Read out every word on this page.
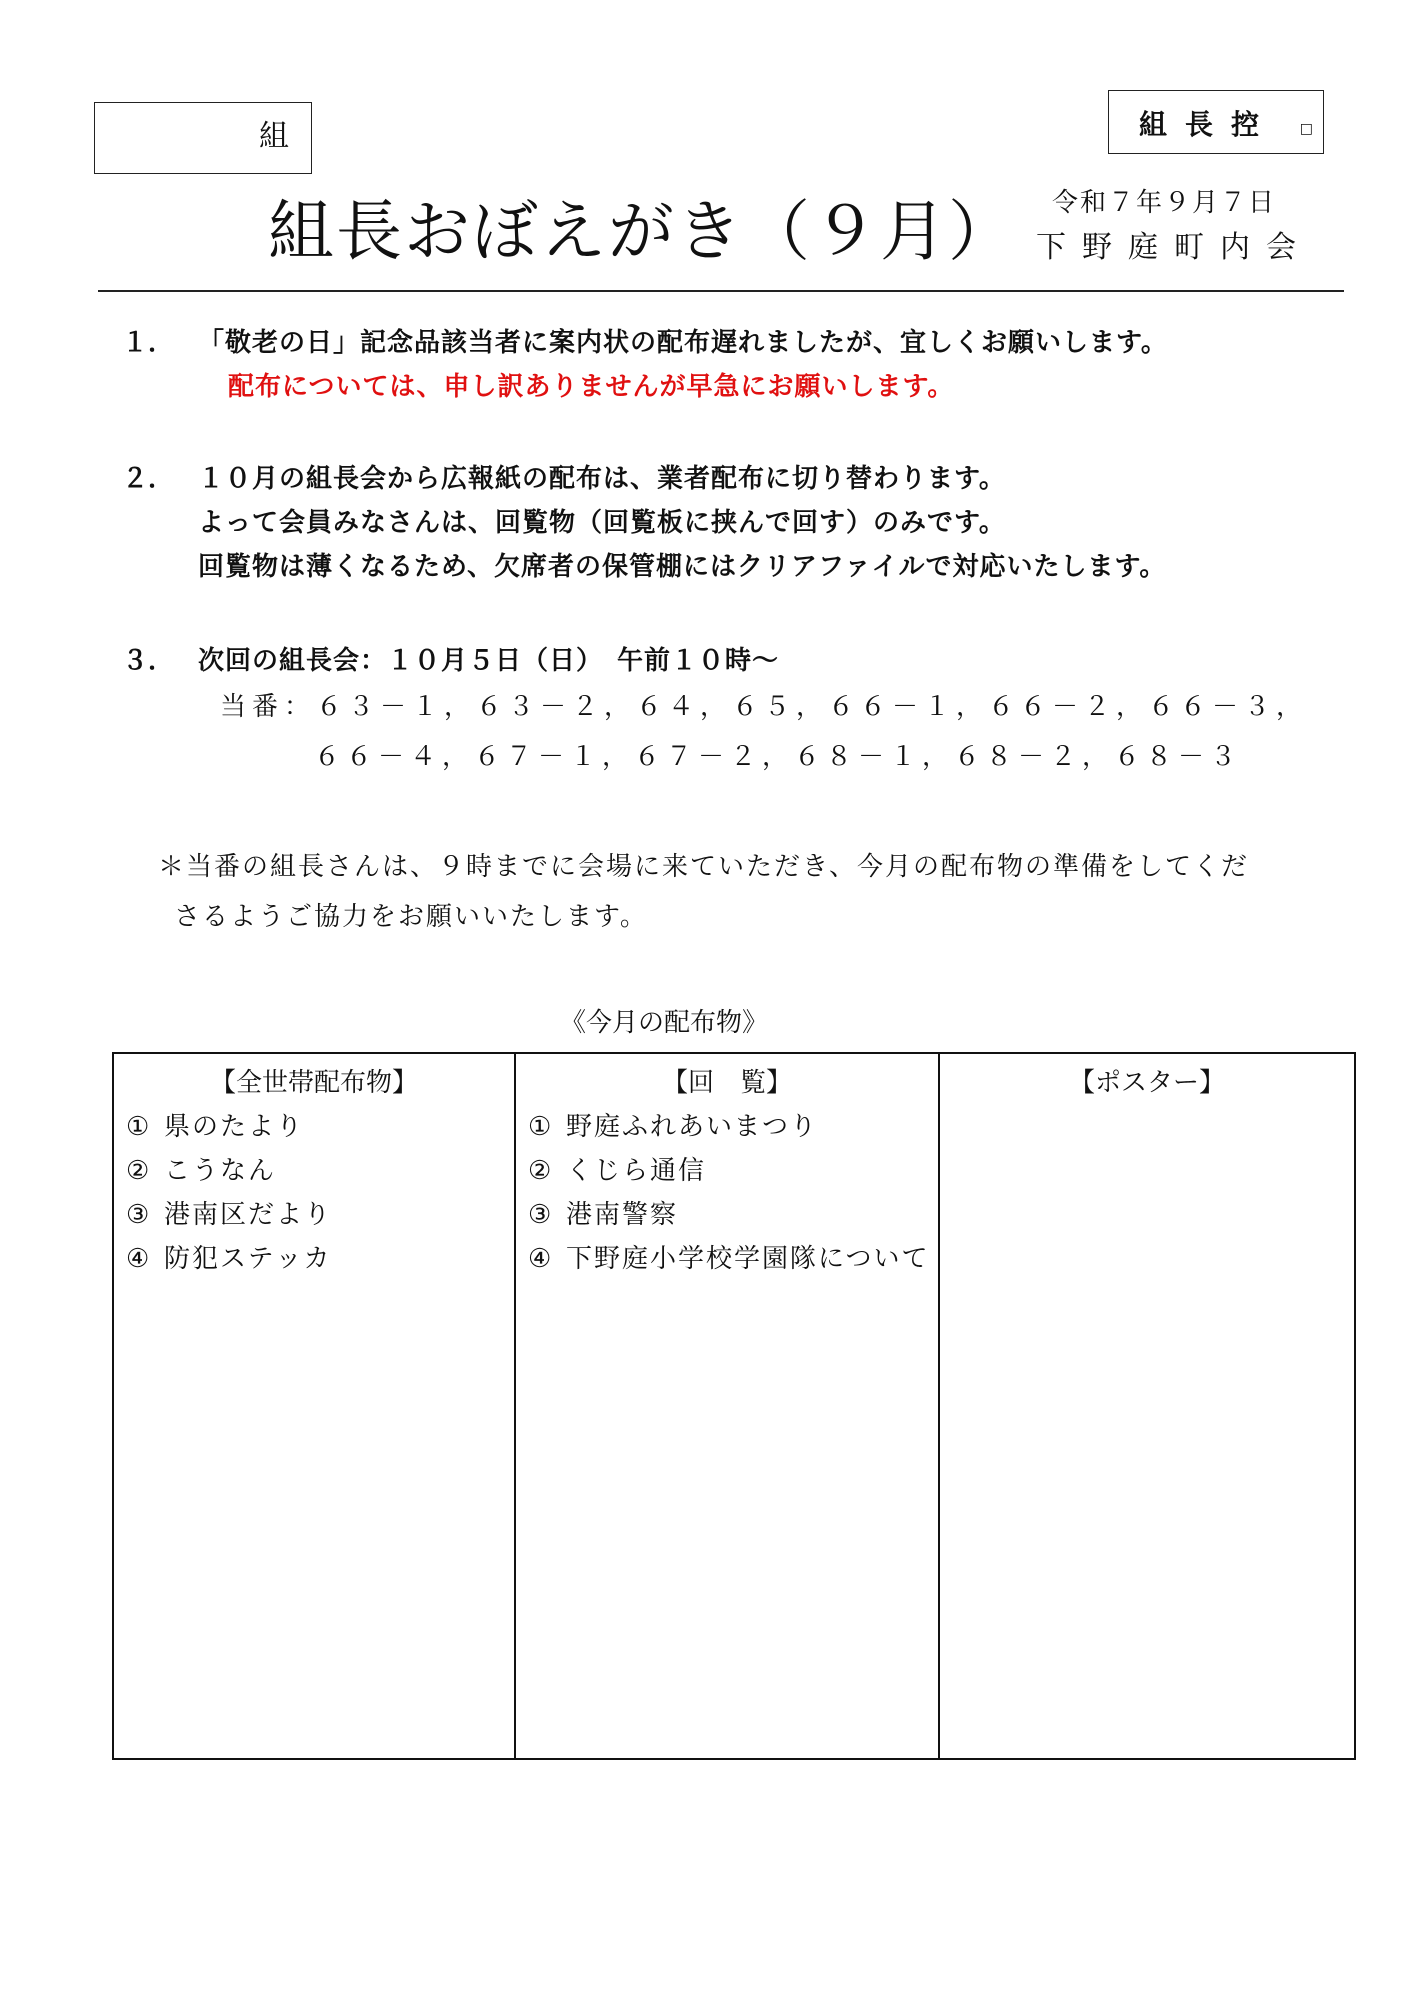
組	組長控 □
組長おぼえがき（９月） 令和７年９月７日
下野庭町内会
１． 「敬老の日」記念品該当者に案内状の配布遅れましたが、宜しくお願いします。
配布については、申し訳ありませんが早急にお願いします。
２． １０月の組長会から広報紙の配布は、業者配布に切り替わります。
よって会員みなさんは、回覧物（回覧板に挟んで回す）のみです。
回覧物は薄くなるため、欠席者の保管棚にはクリアファイルで対応いたします。
３． 次回の組長会：１０月５日（日）　午前１０時～
当番：６３－１，６３－２，６４，６５，６６－１，６６－２，６６－３，
６６－４，６７－１，６７－２，６８－１，６８－２，６８－３
＊当番の組長さんは、９時までに会場に来ていただき、今月の配布物の準備をしてくだ
さるようご協力をお願いいたします。
《今月の配布物》
【全世帯配布物】
① 県のたより
② こうなん
③ 港南区だより
④ 防犯ステッカ
【回　覧】
① 野庭ふれあいまつり
② くじら通信
③ 港南警察
④ 下野庭小学校学園隊について
【ポスター】
